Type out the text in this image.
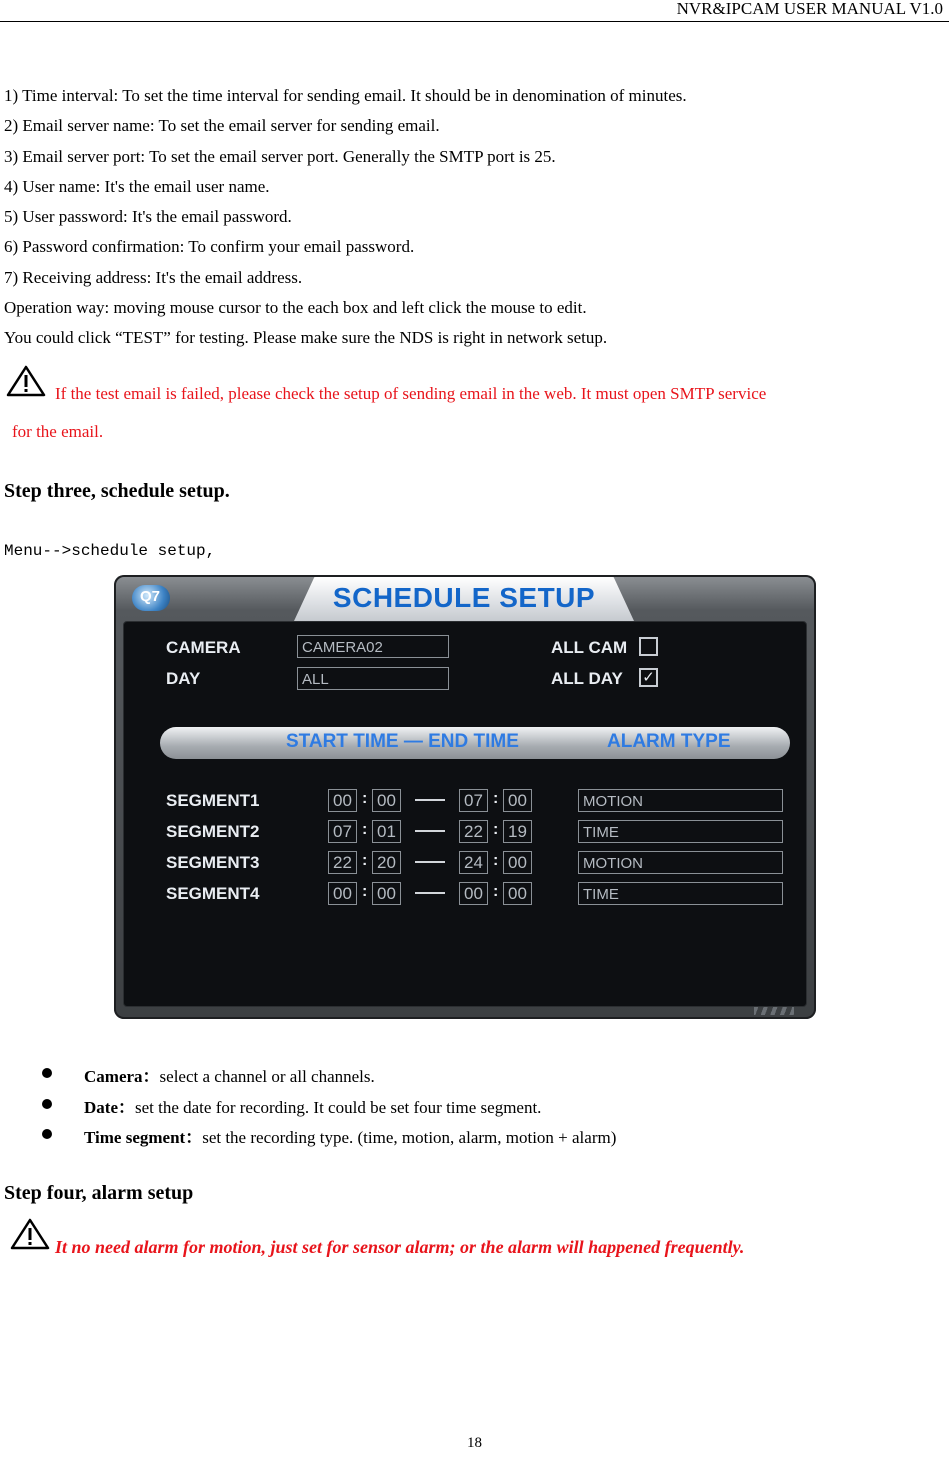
NVR&IPCAM USER MANUAL V1.0
1) Time interval: To set the time interval for sending email. It should be in denomination of minutes.
2) Email server name: To set the email server for sending email.
3) Email server port: To set the email server port. Generally the SMTP port is 25.
4) User name: It's the email user name.
5) User password: It's the email password.
6) Password confirmation: To confirm your email password.
7) Receiving address: It's the email address.
Operation way: moving mouse cursor to the each box and left click the mouse to edit.
You could click “TEST” for testing. Please make sure the NDS is right in network setup.
If the test email is failed, please check the setup of sending email in the web. It must open SMTP service
for the email.
Step three, schedule setup.
Menu-->schedule setup,
Q7	SCHEDULE SETUP
CAMERA	CAMERA02
DAY	ALL
ALL CAM
ALL DAY ✓
START TIME — END TIME	ALARM TYPE
SEGMENT1	00 : 00	07 : 00	MOTION
SEGMENT2	07 : 01	22 : 19	TIME
SEGMENT3	22 : 20	24 : 00	MOTION
SEGMENT4	00 : 00	00 : 00	TIME
Camera：select a channel or all channels.
Date：set the date for recording. It could be set four time segment.
Time segment：set the recording type. (time, motion, alarm, motion + alarm)
Step four, alarm setup
It no need alarm for motion, just set for sensor alarm; or the alarm will happened frequently.
18
